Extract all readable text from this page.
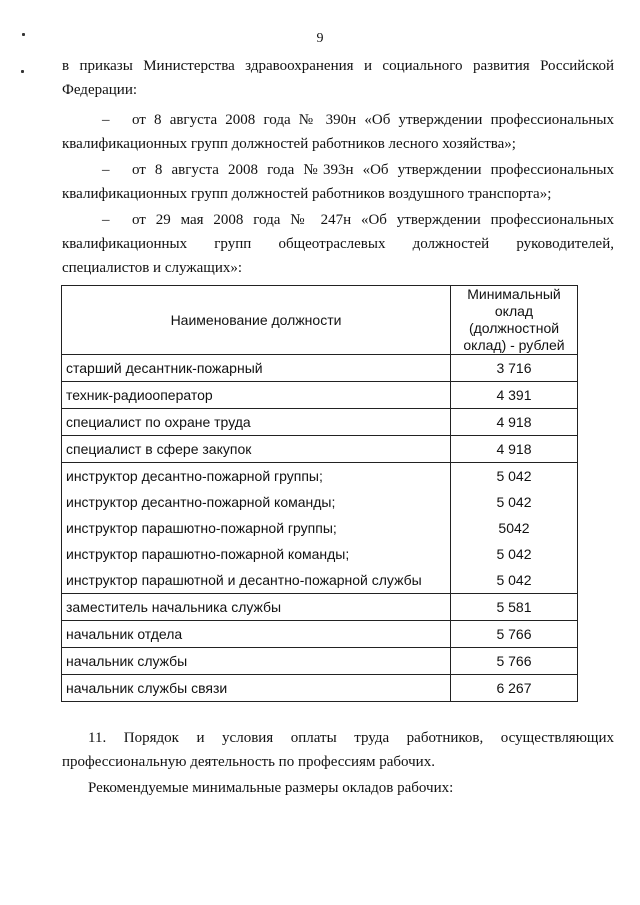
9
в приказы Министерства здравоохранения и социального развития Российской
Федерации:
– от 8 августа 2008 года № 390н «Об утверждении профессиональных
квалификационных групп должностей работников лесного хозяйства»;
– от 8 августа 2008 года №393н «Об утверждении профессиональных
квалификационных групп должностей работников воздушного транспорта»;
– от 29 мая 2008 года № 247н «Об утверждении профессиональных
квалификационных групп общеотраслевых должностей руководителей,
специалистов и служащих»:
Наименование должности	Минимальный оклад (должностной оклад) - рублей
старший десантник-пожарный	3 716
техник-радиооператор	4 391
специалист по охране труда	4 918
специалист в сфере закупок	4 918
инструктор десантно-пожарной группы;	5 042
инструктор десантно-пожарной команды;	5 042
инструктор парашютно-пожарной группы;	5042
инструктор парашютно-пожарной команды;	5 042
инструктор парашютной и десантно-пожарной службы	5 042
заместитель начальника службы	5 581
начальник отдела	5 766
начальник службы	5 766
начальник службы связи	6 267
11. Порядок и условия оплаты труда работников, осуществляющих
профессиональную деятельность по профессиям рабочих.
Рекомендуемые минимальные размеры окладов рабочих:
